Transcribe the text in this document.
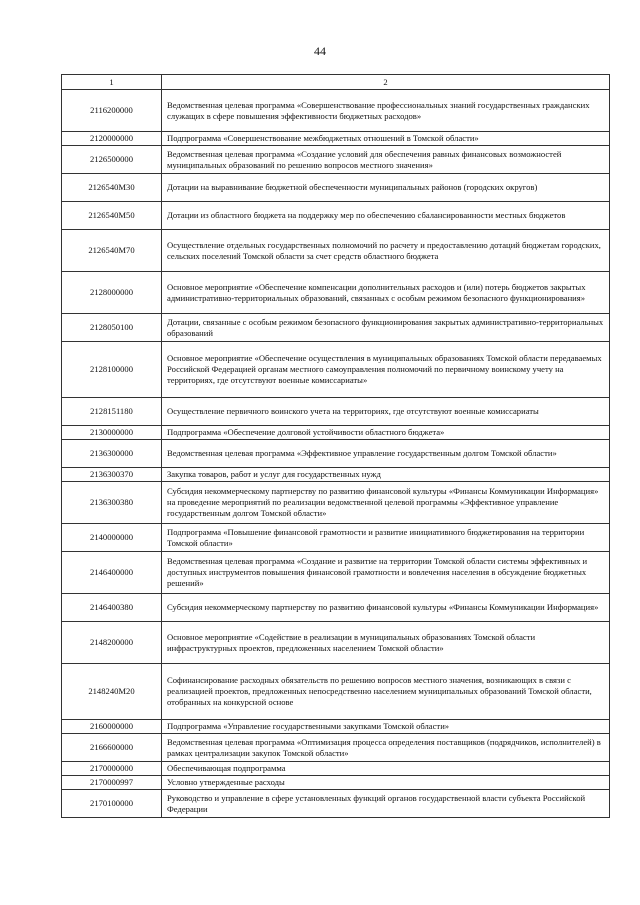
44
1	2
2116200000	Ведомственная целевая программа «Совершенствование профессиональных знаний государственных гражданских служащих в сфере повышения эффективности бюджетных расходов»
2120000000	Подпрограмма «Совершенствование межбюджетных отношений в Томской области»
2126500000	Ведомственная целевая программа «Создание условий для обеспечения равных финансовых возможностей муниципальных образований по решению вопросов местного значения»
2126540М30	Дотации на выравнивание бюджетной обеспеченности муниципальных районов (городских округов)
2126540М50	Дотации из областного бюджета на поддержку мер по обеспечению сбалансированности местных бюджетов
2126540М70	Осуществление отдельных государственных полномочий по расчету и предоставлению дотаций бюджетам городских, сельских поселений Томской области за счет средств областного бюджета
2128000000	Основное мероприятие «Обеспечение компенсации дополнительных расходов и (или) потерь бюджетов закрытых административно-территориальных образований, связанных с особым режимом безопасного функционирования»
2128050100	Дотации, связанные с особым режимом безопасного функционирования закрытых административно-территориальных образований
2128100000	Основное мероприятие «Обеспечение осуществления в муниципальных образованиях Томской области передаваемых Российской Федерацией органам местного самоуправления полномочий по первичному воинскому учету на территориях, где отсутствуют военные комиссариаты»
2128151180	Осуществление первичного воинского учета на территориях, где отсутствуют военные комиссариаты
2130000000	Подпрограмма «Обеспечение долговой устойчивости областного бюджета»
2136300000	Ведомственная целевая программа «Эффективное управление государственным долгом Томской области»
2136300370	Закупка товаров, работ и услуг для государственных нужд
2136300380	Субсидия некоммерческому партнерству по развитию финансовой культуры «Финансы Коммуникации Информация» на проведение мероприятий по реализации ведомственной целевой программы «Эффективное управление государственным долгом Томской области»
2140000000	Подпрограмма «Повышение финансовой грамотности и развитие инициативного бюджетирования на территории Томской области»
2146400000	Ведомственная целевая программа «Создание и развитие на территории Томской области системы эффективных и доступных инструментов повышения финансовой грамотности и вовлечения населения в обсуждение бюджетных решений»
2146400380	Субсидия некоммерческому партнерству по развитию финансовой культуры «Финансы Коммуникации Информация»
2148200000	Основное мероприятие «Содействие в реализации в муниципальных образованиях Томской области инфраструктурных проектов, предложенных населением Томской области»
2148240М20	Софинансирование расходных обязательств по решению вопросов местного значения, возникающих в связи с реализацией проектов, предложенных непосредственно населением муниципальных образований Томской области, отобранных на конкурсной основе
2160000000	Подпрограмма «Управление государственными закупками Томской области»
2166600000	Ведомственная целевая программа «Оптимизация процесса определения поставщиков (подрядчиков, исполнителей) в рамках централизации закупок Томской области»
2170000000	Обеспечивающая подпрограмма
2170000997	Условно утвержденные расходы
2170100000	Руководство и управление в сфере установленных функций органов государственной власти субъекта Российской Федерации
